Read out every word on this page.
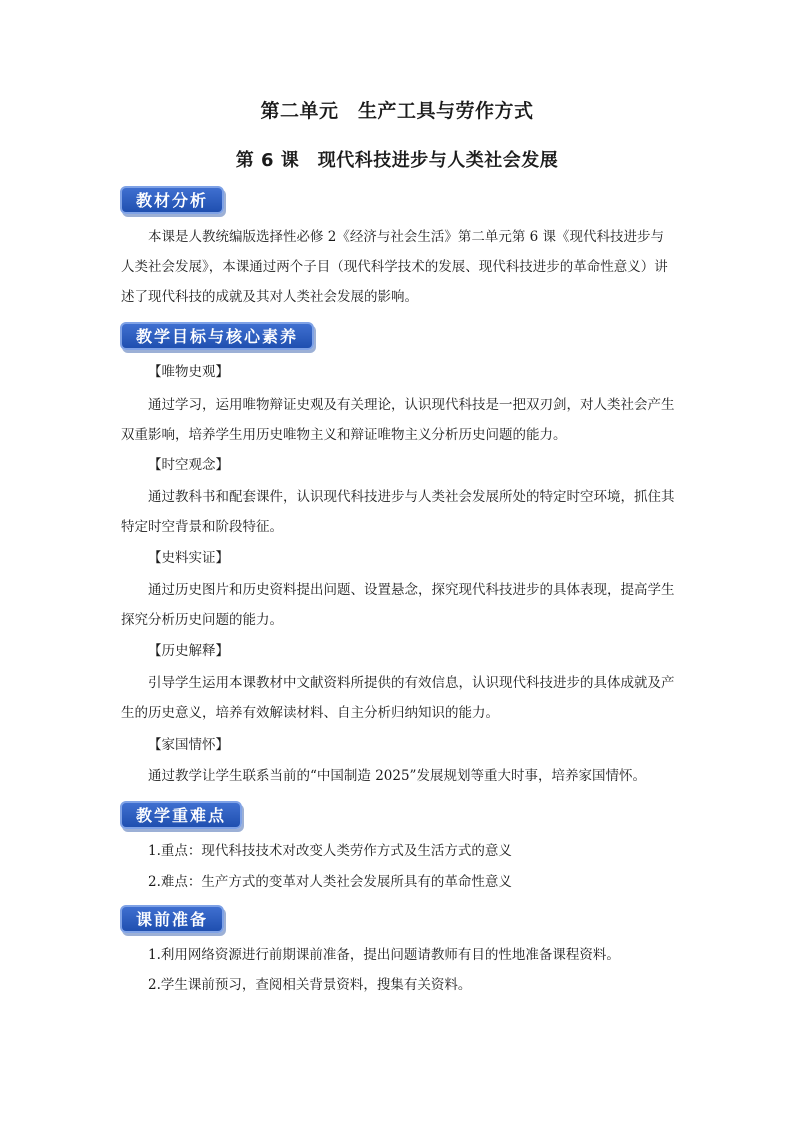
第二单元　生产工具与劳作方式
第 6 课　现代科技进步与人类社会发展
教材分析

本课是人教统编版选择性必修 2《经济与社会生活》第二单元第 6 课《现代科技进步与人类社会发展》，本课通过两个子目（现代科学技术的发展、现代科技进步的革命性意义）讲述了现代科技的成就及其对人类社会发展的影响。

教学目标与核心素养

【唯物史观】

通过学习，运用唯物辩证史观及有关理论，认识现代科技是一把双刃剑，对人类社会产生双重影响，培养学生用历史唯物主义和辩证唯物主义分析历史问题的能力。

【时空观念】

通过教科书和配套课件，认识现代科技进步与人类社会发展所处的特定时空环境，抓住其特定时空背景和阶段特征。

【史料实证】

通过历史图片和历史资料提出问题、设置悬念，探究现代科技进步的具体表现，提高学生探究分析历史问题的能力。

【历史解释】

引导学生运用本课教材中文献资料所提供的有效信息，认识现代科技进步的具体成就及产生的历史意义，培养有效解读材料、自主分析归纳知识的能力。

【家国情怀】

通过教学让学生联系当前的“中国制造 2025”发展规划等重大时事，培养家国情怀。

教学重难点

1.重点：现代科技技术对改变人类劳作方式及生活方式的意义

2.难点：生产方式的变革对人类社会发展所具有的革命性意义

课前准备

1.利用网络资源进行前期课前准备，提出问题请教师有目的性地准备课程资料。

2.学生课前预习，查阅相关背景资料，搜集有关资料。
